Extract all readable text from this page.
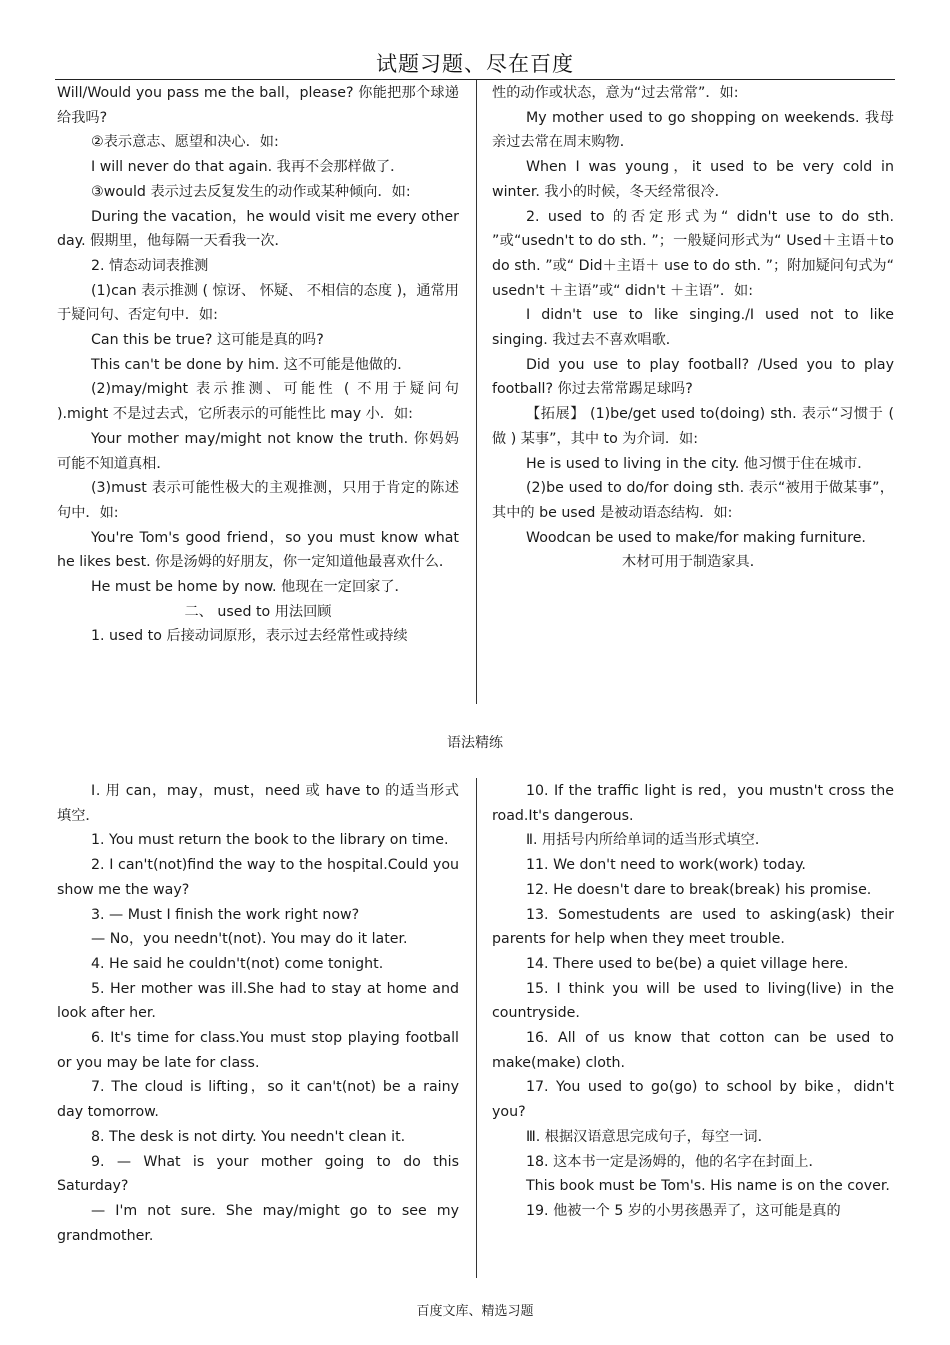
试题习题、尽在百度

Will/Would you pass me the ball，please? 你能把那个球递给我吗?

②表示意志、愿望和决心．如:

I will never do that again. 我再不会那样做了．

③would 表示过去反复发生的动作或某种倾向．如:

During the vacation，he would visit me every other day. 假期里，他每隔一天看我一次．

2. 情态动词表推测

(1)can 表示推测 ( 惊讶、 怀疑、 不相信的态度 )，通常用于疑问句、否定句中．如:

Can this be true? 这可能是真的吗?

This can't be done by him. 这不可能是他做的．

(2)may/might 表示推测、可能性 ( 不用于疑问句 ).might 不是过去式，它所表示的可能性比 may 小．如:

Your mother may/might not know the truth. 你妈妈可能不知道真相．

(3)must 表示可能性极大的主观推测，只用于肯定的陈述句中．如:

You're Tom's good friend，so you must know what he likes best. 你是汤姆的好朋友，你一定知道他最喜欢什么．

He must be home by now. 他现在一定回家了．

二、 used to 用法回顾

1. used to 后接动词原形，表示过去经常性或持续

性的动作或状态，意为“过去常常”．如:

My mother used to go shopping on weekends. 我母亲过去常在周末购物．

When I was young，it used to be very cold in winter. 我小的时候，冬天经常很冷．

2. used to 的否定形式为“ didn't use to do sth. ”或“usedn't to do sth. ”；一般疑问形式为“ Used＋主语＋to do sth. ”或“ Did＋主语＋ use to do sth. ”；附加疑问句式为“ usedn't ＋主语”或“ didn't ＋主语”．如:

I didn't use to like singing./I used not to like singing. 我过去不喜欢唱歌．

Did you use to play football? /Used you to play football? 你过去常常踢足球吗?

【拓展】 (1)be/get used to(doing) sth. 表示“习惯于 ( 做 ) 某事”，其中 to 为介词．如:

He is used to living in the city. 他习惯于住在城市．

(2)be used to do/for doing sth. 表示“被用于做某事”，其中的 be used 是被动语态结构．如:

Woodcan be used to make/for making furniture.

木材可用于制造家具．

语法精练

Ⅰ. 用 can，may，must，need 或 have to 的适当形式填空．

1. You must return the book to the library on time.

2. I can't(not)find the way to the hospital.Could you show me the way?

3. — Must I finish the work right now?

— No，you needn't(not). You may do it later.

4. He said he couldn't(not) come tonight.

5. Her mother was ill.She had to stay at home and look after her.

6. It's time for class.You must stop playing football or you may be late for class.

7. The cloud is lifting，so it can't(not) be a rainy day tomorrow.

8. The desk is not dirty. You needn't clean it.

9. — What is your mother going to do this Saturday?

— I'm not sure. She may/might go to see my grandmother.

10. If the traffic light is red，you mustn't cross the road.It's dangerous.

Ⅱ. 用括号内所给单词的适当形式填空．

11. We don't need to work(work) today.

12. He doesn't dare to break(break) his promise.

13. Somestudents are used to asking(ask) their parents for help when they meet trouble.

14. There used to be(be) a quiet village here.

15. I think you will be used to living(live) in the countryside.

16. All of us know that cotton can be used to make(make) cloth.

17. You used to go(go) to school by bike，didn't you?

Ⅲ. 根据汉语意思完成句子，每空一词．

18. 这本书一定是汤姆的，他的名字在封面上．

This book must be Tom's. His name is on the cover.

19. 他被一个 5 岁的小男孩愚弄了，这可能是真的

百度文库、精选习题
